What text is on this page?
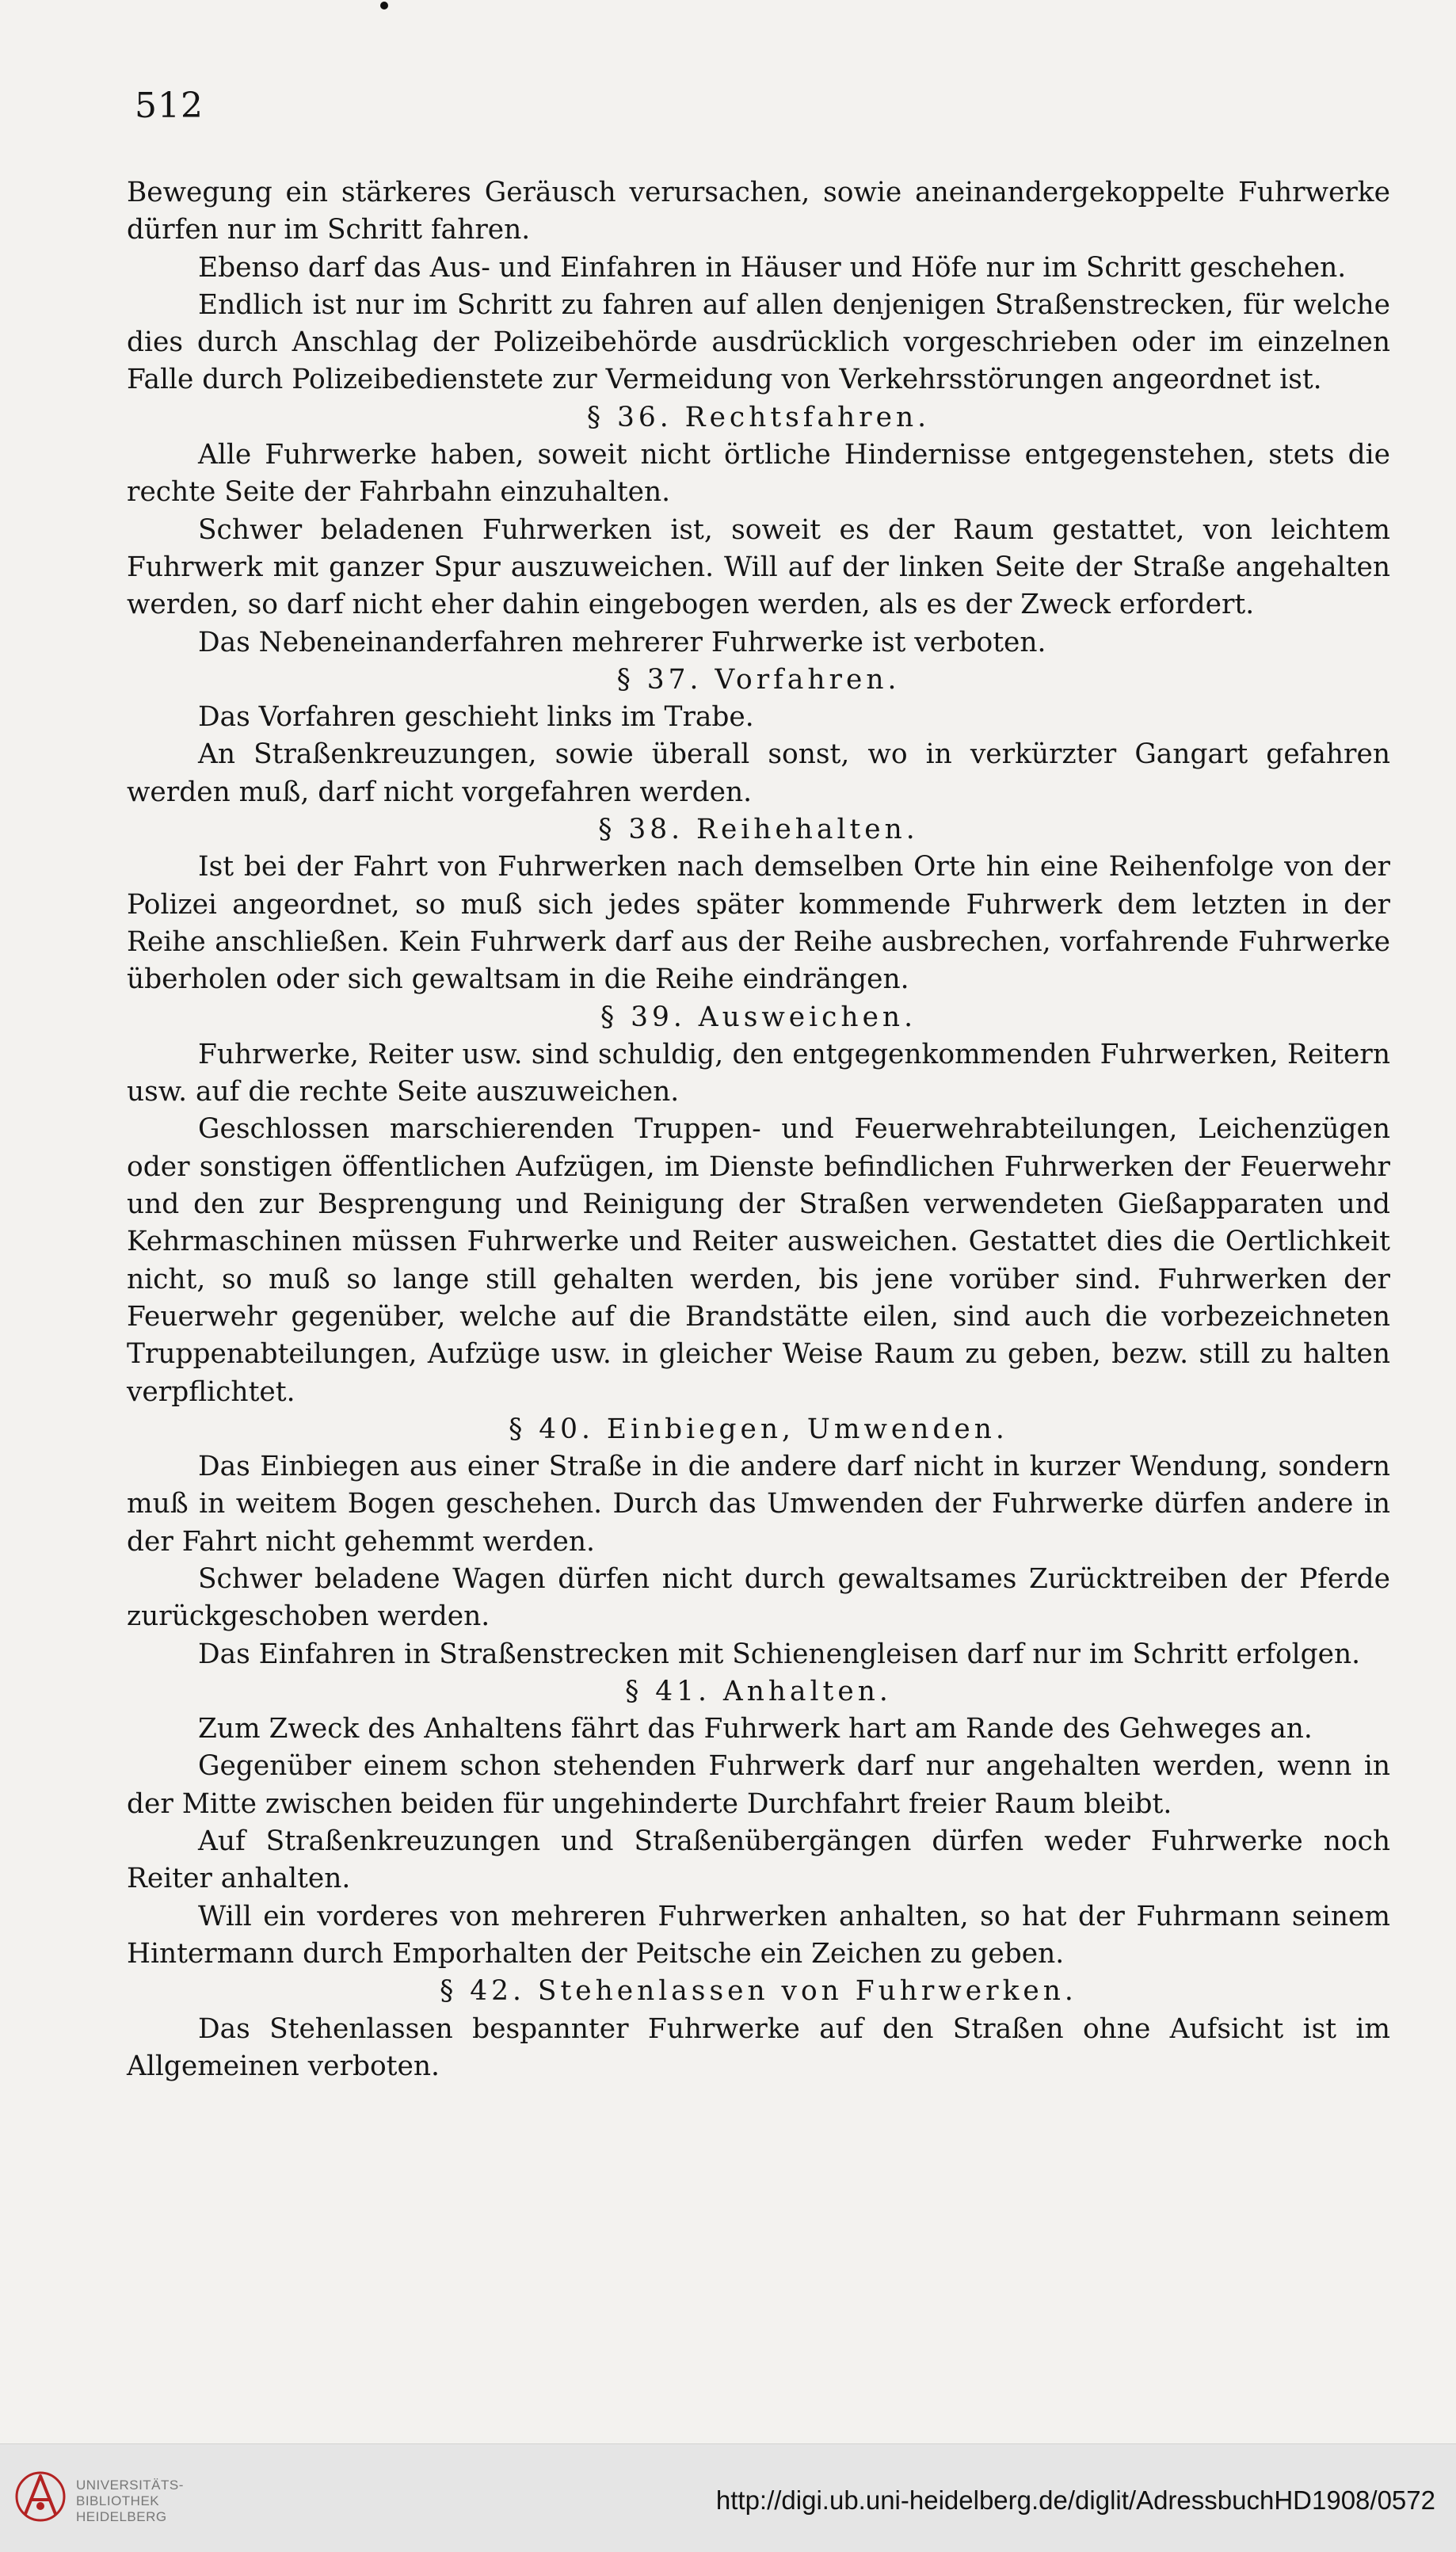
512

Bewegung ein stärkeres Geräusch verursachen, sowie aneinandergekoppelte Fuhrwerke dürfen nur im Schritt fahren.

Ebenso darf das Aus- und Einfahren in Häuser und Höfe nur im Schritt geschehen.

Endlich ist nur im Schritt zu fahren auf allen denjenigen Straßenstrecken, für welche dies durch Anschlag der Polizeibehörde ausdrücklich vorgeschrieben oder im einzelnen Falle durch Polizeibedienstete zur Vermeidung von Verkehrsstörungen angeordnet ist.

§ 36. Rechtsfahren.

Alle Fuhrwerke haben, soweit nicht örtliche Hindernisse entgegenstehen, stets die rechte Seite der Fahrbahn einzuhalten.

Schwer beladenen Fuhrwerken ist, soweit es der Raum gestattet, von leichtem Fuhrwerk mit ganzer Spur auszuweichen. Will auf der linken Seite der Straße angehalten werden, so darf nicht eher dahin eingebogen werden, als es der Zweck erfordert.

Das Nebeneinanderfahren mehrerer Fuhrwerke ist verboten.

§ 37. Vorfahren.

Das Vorfahren geschieht links im Trabe.

An Straßenkreuzungen, sowie überall sonst, wo in verkürzter Gangart gefahren werden muß, darf nicht vorgefahren werden.

§ 38. Reihehalten.

Ist bei der Fahrt von Fuhrwerken nach demselben Orte hin eine Reihenfolge von der Polizei angeordnet, so muß sich jedes später kommende Fuhrwerk dem letzten in der Reihe anschließen. Kein Fuhrwerk darf aus der Reihe ausbrechen, vorfahrende Fuhrwerke überholen oder sich gewaltsam in die Reihe eindrängen.

§ 39. Ausweichen.

Fuhrwerke, Reiter usw. sind schuldig, den entgegenkommenden Fuhrwerken, Reitern usw. auf die rechte Seite auszuweichen.

Geschlossen marschierenden Truppen- und Feuerwehrabteilungen, Leichenzügen oder sonstigen öffentlichen Aufzügen, im Dienste befindlichen Fuhrwerken der Feuerwehr und den zur Besprengung und Reinigung der Straßen verwendeten Gießapparaten und Kehrmaschinen müssen Fuhrwerke und Reiter ausweichen. Gestattet dies die Oertlichkeit nicht, so muß so lange still gehalten werden, bis jene vorüber sind. Fuhrwerken der Feuerwehr gegenüber, welche auf die Brandstätte eilen, sind auch die vorbezeichneten Truppenabteilungen, Aufzüge usw. in gleicher Weise Raum zu geben, bezw. still zu halten verpflichtet.

§ 40. Einbiegen, Umwenden.

Das Einbiegen aus einer Straße in die andere darf nicht in kurzer Wendung, sondern muß in weitem Bogen geschehen. Durch das Umwenden der Fuhrwerke dürfen andere in der Fahrt nicht gehemmt werden.

Schwer beladene Wagen dürfen nicht durch gewaltsames Zurücktreiben der Pferde zurückgeschoben werden.

Das Einfahren in Straßenstrecken mit Schienengleisen darf nur im Schritt erfolgen.

§ 41. Anhalten.

Zum Zweck des Anhaltens fährt das Fuhrwerk hart am Rande des Gehweges an.

Gegenüber einem schon stehenden Fuhrwerk darf nur angehalten werden, wenn in der Mitte zwischen beiden für ungehinderte Durchfahrt freier Raum bleibt.

Auf Straßenkreuzungen und Straßenübergängen dürfen weder Fuhrwerke noch Reiter anhalten.

Will ein vorderes von mehreren Fuhrwerken anhalten, so hat der Fuhrmann seinem Hintermann durch Emporhalten der Peitsche ein Zeichen zu geben.

§ 42. Stehenlassen von Fuhrwerken.

Das Stehenlassen bespannter Fuhrwerke auf den Straßen ohne Aufsicht ist im Allgemeinen verboten.

UNIVERSITÄTS-
BIBLIOTHEK
HEIDELBERG
http://digi.ub.uni-heidelberg.de/diglit/AdressbuchHD1908/0572
